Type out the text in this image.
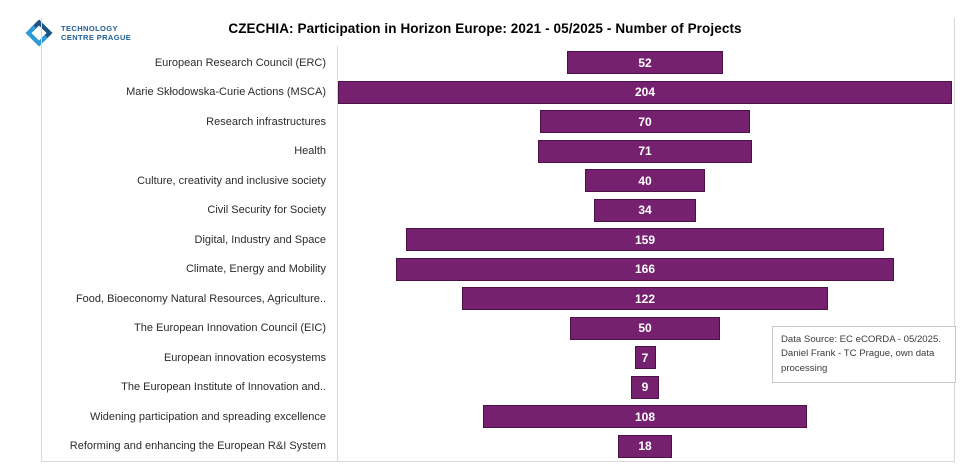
TECHNOLOGY
CENTRE PRAGUE
CZECHIA: Participation in Horizon Europe: 2021 - 05/2025 - Number of Projects
European Research Council (ERC)
Marie Skłodowska-Curie Actions (MSCA)
Research infrastructures
Health
Culture, creativity and inclusive society
Civil Security for Society
Digital, Industry and Space
Climate, Energy and Mobility
Food, Bioeconomy Natural Resources, Agriculture..
The European Innovation Council (EIC)
European innovation ecosystems
The European Institute of Innovation and..
Widening participation and spreading excellence
Reforming and enhancing the European R&I System
52
204
70
71
40
34
159
166
122
50
7
9
108
18
Data Source: EC eCORDA - 05/2025. Daniel Frank - TC Prague, own data processing
